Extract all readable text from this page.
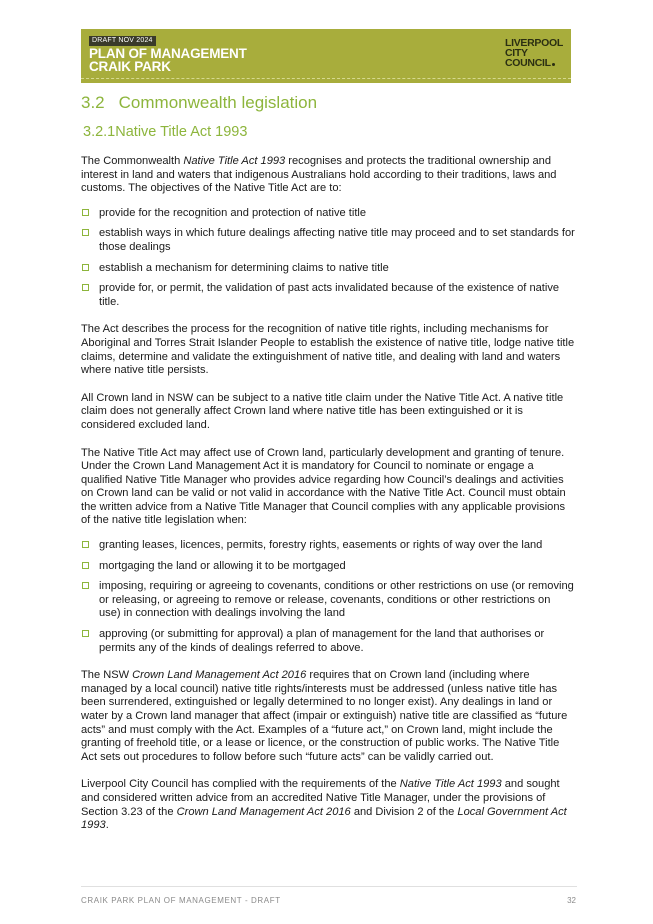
DRAFT NOV 2024
PLAN OF MANAGEMENT
CRAIK PARK
LIVERPOOL
CITY
COUNCIL
3.2 Commonwealth legislation
3.2.1Native Title Act 1993

The Commonwealth Native Title Act 1993 recognises and protects the traditional ownership and interest in land and waters that indigenous Australians hold according to their traditions, laws and customs. The objectives of the Native Title Act are to:

provide for the recognition and protection of native title
establish ways in which future dealings affecting native title may proceed and to set standards for those dealings
establish a mechanism for determining claims to native title
provide for, or permit, the validation of past acts invalidated because of the existence of native title.

The Act describes the process for the recognition of native title rights, including mechanisms for Aboriginal and Torres Strait Islander People to establish the existence of native title, lodge native title claims, determine and validate the extinguishment of native title, and dealing with land and waters where native title persists.

All Crown land in NSW can be subject to a native title claim under the Native Title Act. A native title claim does not generally affect Crown land where native title has been extinguished or it is considered excluded land.

The Native Title Act may affect use of Crown land, particularly development and granting of tenure. Under the Crown Land Management Act it is mandatory for Council to nominate or engage a qualified Native Title Manager who provides advice regarding how Council’s dealings and activities on Crown land can be valid or not valid in accordance with the Native Title Act. Council must obtain the written advice from a Native Title Manager that Council complies with any applicable provisions of the native title legislation when:

granting leases, licences, permits, forestry rights, easements or rights of way over the land
mortgaging the land or allowing it to be mortgaged
imposing, requiring or agreeing to covenants, conditions or other restrictions on use (or removing or releasing, or agreeing to remove or release, covenants, conditions or other restrictions on use) in connection with dealings involving the land
approving (or submitting for approval) a plan of management for the land that authorises or permits any of the kinds of dealings referred to above.

The NSW Crown Land Management Act 2016 requires that on Crown land (including where managed by a local council) native title rights/interests must be addressed (unless native title has been surrendered, extinguished or legally determined to no longer exist). Any dealings in land or water by a Crown land manager that affect (impair or extinguish) native title are classified as “future acts” and must comply with the Act. Examples of a “future act,” on Crown land, might include the granting of freehold title, or a lease or licence, or the construction of public works. The Native Title Act sets out procedures to follow before such “future acts” can be validly carried out.

Liverpool City Council has complied with the requirements of the Native Title Act 1993 and sought and considered written advice from an accredited Native Title Manager, under the provisions of Section 3.23 of the Crown Land Management Act 2016 and Division 2 of the Local Government Act 1993.

CRAIK PARK PLAN OF MANAGEMENT - DRAFT	32
